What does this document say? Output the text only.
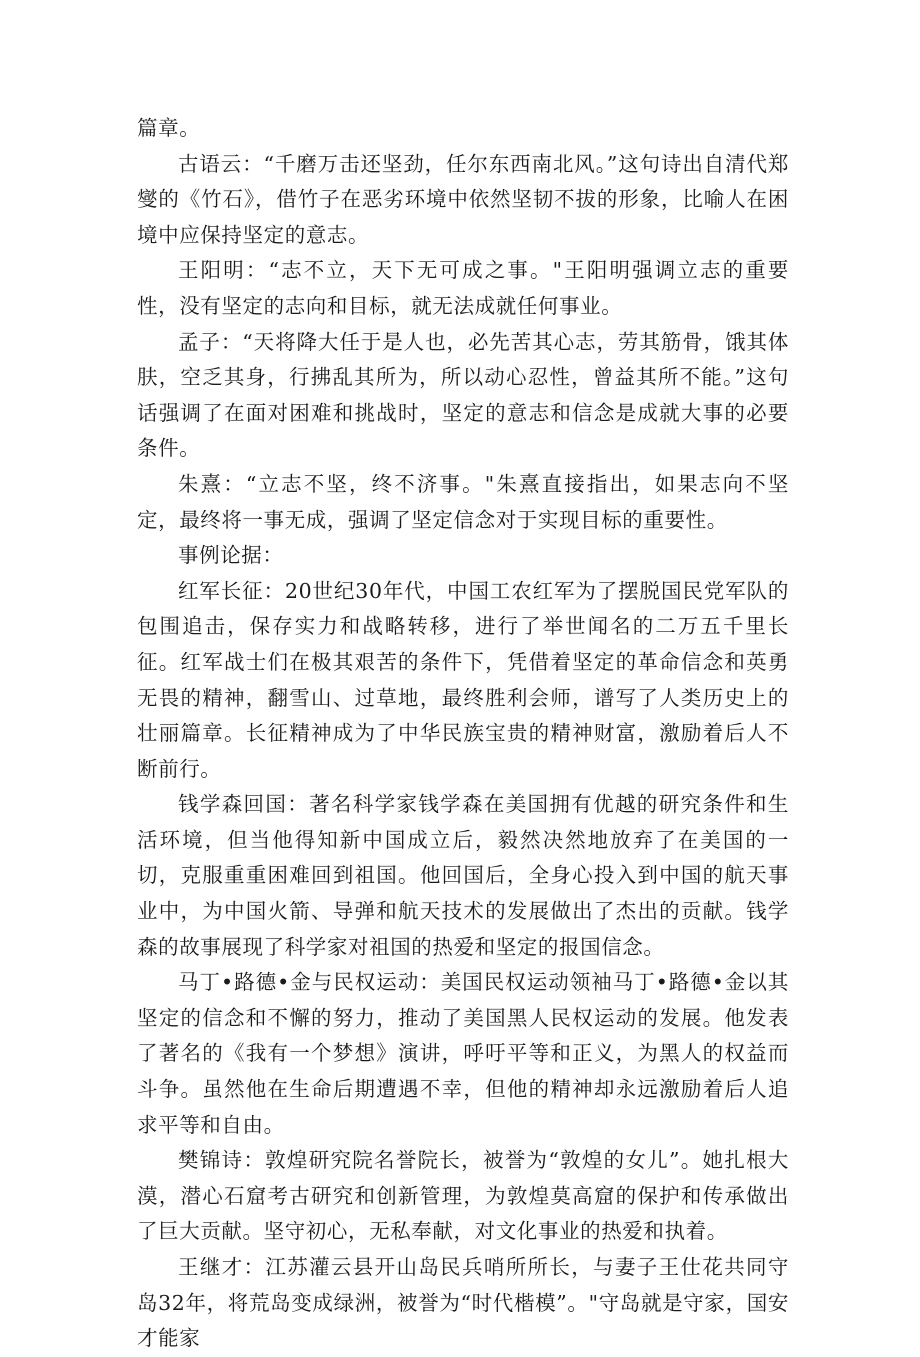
篇章。

古语云：“千磨万击还坚劲，任尔东西南北风。”这句诗出自清代郑燮的《竹石》，借竹子在恶劣环境中依然坚韧不拔的形象，比喻人在困境中应保持坚定的意志。

王阳明：“志不立，天下无可成之事。"王阳明强调立志的重要性，没有坚定的志向和目标，就无法成就任何事业。

孟子：“天将降大任于是人也，必先苦其心志，劳其筋骨，饿其体肤，空乏其身，行拂乱其所为，所以动心忍性，曾益其所不能。”这句话强调了在面对困难和挑战时，坚定的意志和信念是成就大事的必要条件。

朱熹：“立志不坚，终不济事。"朱熹直接指出，如果志向不坚定，最终将一事无成，强调了坚定信念对于实现目标的重要性。

事例论据：

红军长征：20世纪30年代，中国工农红军为了摆脱国民党军队的包围追击，保存实力和战略转移，进行了举世闻名的二万五千里长征。红军战士们在极其艰苦的条件下，凭借着坚定的革命信念和英勇无畏的精神，翻雪山、过草地，最终胜利会师，谱写了人类历史上的壮丽篇章。长征精神成为了中华民族宝贵的精神财富，激励着后人不断前行。

钱学森回国：著名科学家钱学森在美国拥有优越的研究条件和生活环境，但当他得知新中国成立后，毅然决然地放弃了在美国的一切，克服重重困难回到祖国。他回国后，全身心投入到中国的航天事业中，为中国火箭、导弹和航天技术的发展做出了杰出的贡献。钱学森的故事展现了科学家对祖国的热爱和坚定的报国信念。

马丁•路德•金与民权运动：美国民权运动领袖马丁•路德•金以其坚定的信念和不懈的努力，推动了美国黑人民权运动的发展。他发表了著名的《我有一个梦想》演讲，呼吁平等和正义，为黑人的权益而斗争。虽然他在生命后期遭遇不幸，但他的精神却永远激励着后人追求平等和自由。

樊锦诗：敦煌研究院名誉院长，被誉为“敦煌的女儿”。她扎根大漠，潜心石窟考古研究和创新管理，为敦煌莫高窟的保护和传承做出了巨大贡献。坚守初心，无私奉献，对文化事业的热爱和执着。

王继才：江苏灌云县开山岛民兵哨所所长，与妻子王仕花共同守岛32年，将荒岛变成绿洲，被誉为“时代楷模”。"守岛就是守家，国安才能家
